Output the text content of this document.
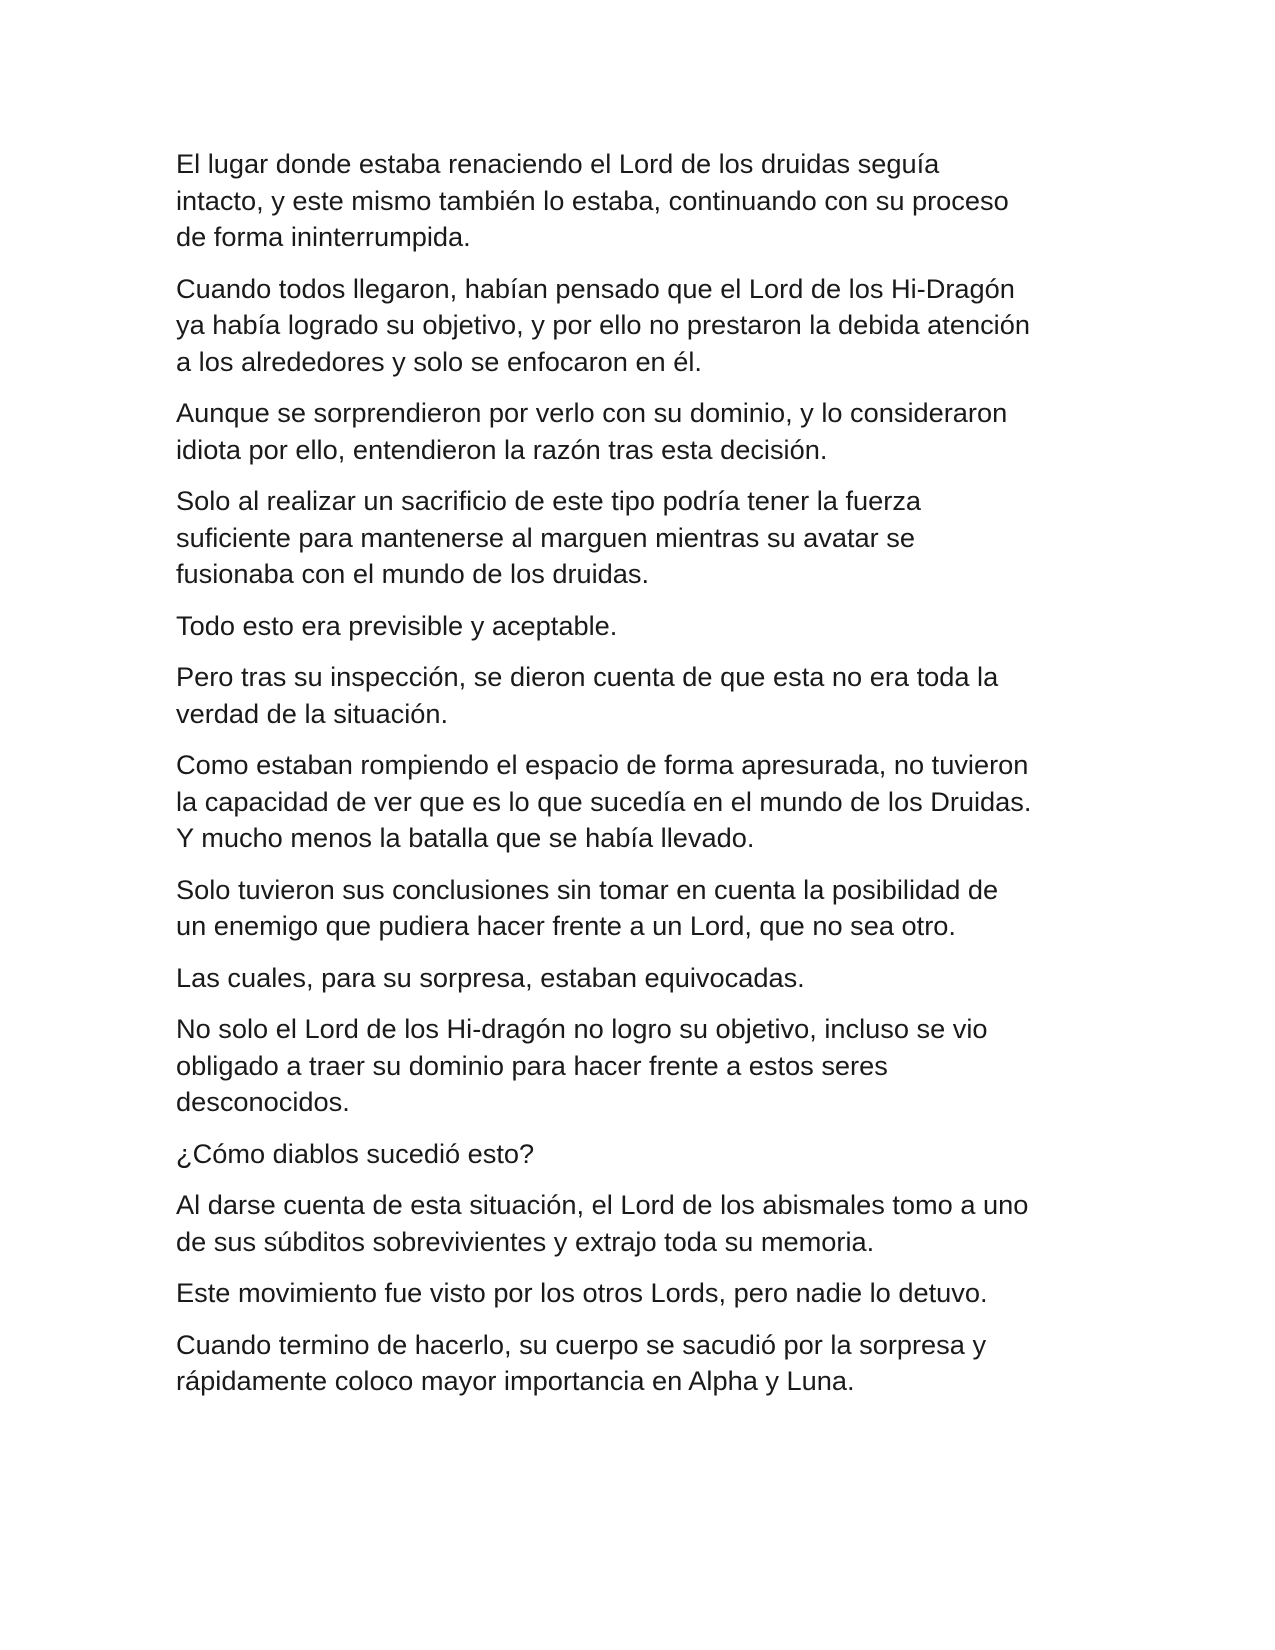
El lugar donde estaba renaciendo el Lord de los druidas seguía
intacto, y este mismo también lo estaba, continuando con su proceso
de forma ininterrumpida.

Cuando todos llegaron, habían pensado que el Lord de los Hi-Dragón
ya había logrado su objetivo, y por ello no prestaron la debida atención
a los alrededores y solo se enfocaron en él.

Aunque se sorprendieron por verlo con su dominio, y lo consideraron
idiota por ello, entendieron la razón tras esta decisión.

Solo al realizar un sacrificio de este tipo podría tener la fuerza
suficiente para mantenerse al marguen mientras su avatar se
fusionaba con el mundo de los druidas.

Todo esto era previsible y aceptable.

Pero tras su inspección, se dieron cuenta de que esta no era toda la
verdad de la situación.

Como estaban rompiendo el espacio de forma apresurada, no tuvieron
la capacidad de ver que es lo que sucedía en el mundo de los Druidas.
Y mucho menos la batalla que se había llevado.

Solo tuvieron sus conclusiones sin tomar en cuenta la posibilidad de
un enemigo que pudiera hacer frente a un Lord, que no sea otro.

Las cuales, para su sorpresa, estaban equivocadas.

No solo el Lord de los Hi-dragón no logro su objetivo, incluso se vio
obligado a traer su dominio para hacer frente a estos seres
desconocidos.

¿Cómo diablos sucedió esto?

Al darse cuenta de esta situación, el Lord de los abismales tomo a uno
de sus súbditos sobrevivientes y extrajo toda su memoria.

Este movimiento fue visto por los otros Lords, pero nadie lo detuvo.

Cuando termino de hacerlo, su cuerpo se sacudió por la sorpresa y
rápidamente coloco mayor importancia en Alpha y Luna.
